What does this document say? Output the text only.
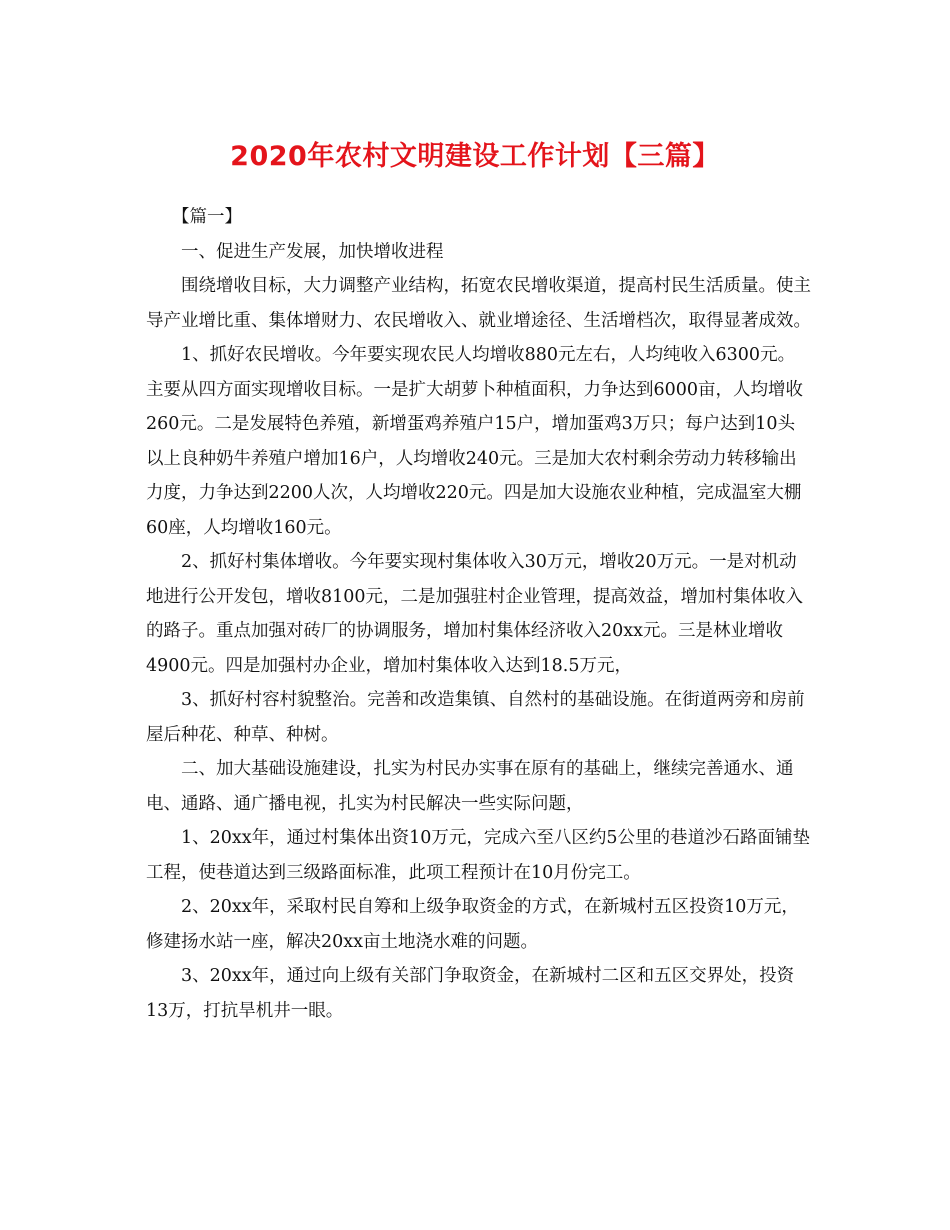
2020年农村文明建设工作计划【三篇】

【篇一】

一、促进生产发展，加快增收进程

围绕增收目标，大力调整产业结构，拓宽农民增收渠道，提高村民生活质量。使主导产业增比重、集体增财力、农民增收入、就业增途径、生活增档次，取得显著成效。

1、抓好农民增收。今年要实现农民人均增收880元左右，人均纯收入6300元。主要从四方面实现增收目标。一是扩大胡萝卜种植面积，力争达到6000亩，人均增收260元。二是发展特色养殖，新增蛋鸡养殖户15户，增加蛋鸡3万只；每户达到10头以上良种奶牛养殖户增加16户，人均增收240元。三是加大农村剩余劳动力转移输出力度，力争达到2200人次，人均增收220元。四是加大设施农业种植，完成温室大棚60座，人均增收160元。

2、抓好村集体增收。今年要实现村集体收入30万元，增收20万元。一是对机动地进行公开发包，增收8100元，二是加强驻村企业管理，提高效益，增加村集体收入的路子。重点加强对砖厂的协调服务，增加村集体经济收入20xx元。三是林业增收4900元。四是加强村办企业，增加村集体收入达到18.5万元，

3、抓好村容村貌整治。完善和改造集镇、自然村的基础设施。在街道两旁和房前屋后种花、种草、种树。

二、加大基础设施建设，扎实为村民办实事在原有的基础上，继续完善通水、通电、通路、通广播电视，扎实为村民解决一些实际问题，

1、20xx年，通过村集体出资10万元，完成六至八区约5公里的巷道沙石路面铺垫工程，使巷道达到三级路面标准，此项工程预计在10月份完工。

2、20xx年，采取村民自筹和上级争取资金的方式，在新城村五区投资10万元，修建扬水站一座，解决20xx亩土地浇水难的问题。

3、20xx年，通过向上级有关部门争取资金，在新城村二区和五区交界处，投资13万，打抗旱机井一眼。
